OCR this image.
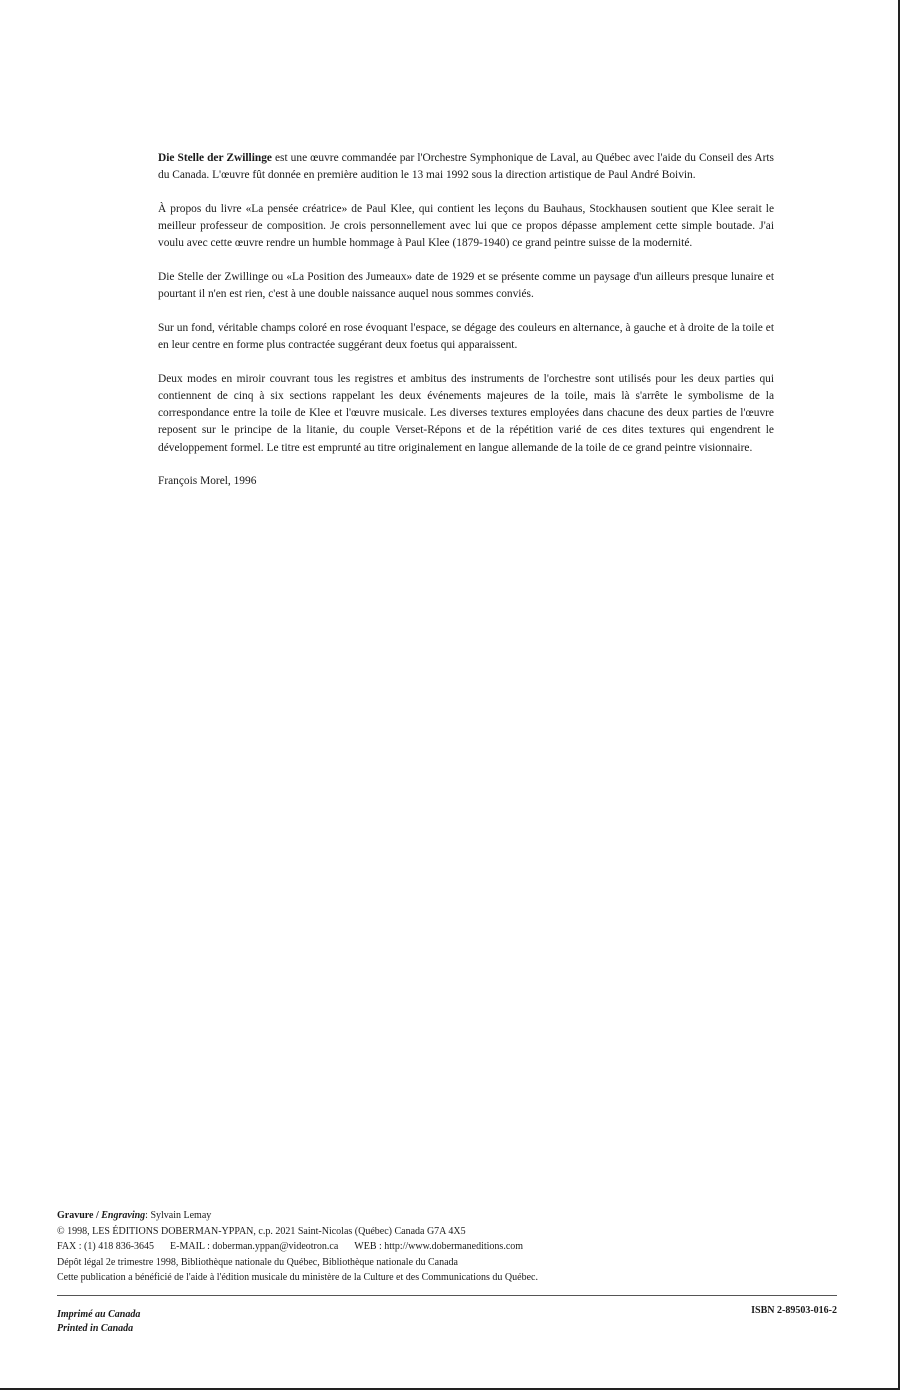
Die Stelle der Zwillinge est une œuvre commandée par l'Orchestre Symphonique de Laval, au Québec avec l'aide du Conseil des Arts du Canada. L'œuvre fût donnée en première audition le 13 mai 1992 sous la direction artistique de Paul André Boivin.

À propos du livre «La pensée créatrice» de Paul Klee, qui contient les leçons du Bauhaus, Stockhausen soutient que Klee serait le meilleur professeur de composition. Je crois personnellement avec lui que ce propos dépasse amplement cette simple boutade. J'ai voulu avec cette œuvre rendre un humble hommage à Paul Klee (1879-1940) ce grand peintre suisse de la modernité.

Die Stelle der Zwillinge ou «La Position des Jumeaux» date de 1929 et se présente comme un paysage d'un ailleurs presque lunaire et pourtant il n'en est rien, c'est à une double naissance auquel nous sommes conviés.

Sur un fond, véritable champs coloré en rose évoquant l'espace, se dégage des couleurs en alternance, à gauche et à droite de la toile et en leur centre en forme plus contractée suggérant deux foetus qui apparaissent.

Deux modes en miroir couvrant tous les registres et ambitus des instruments de l'orchestre sont utilisés pour les deux parties qui contiennent de cinq à six sections rappelant les deux événements majeures de la toile, mais là s'arrête le symbolisme de la correspondance entre la toile de Klee et l'œuvre musicale. Les diverses textures employées dans chacune des deux parties de l'œuvre reposent sur le principe de la litanie, du couple Verset-Répons et de la répétition varié de ces dites textures qui engendrent le développement formel. Le titre est emprunté au titre originalement en langue allemande de la toile de ce grand peintre visionnaire.

François Morel, 1996

Gravure / Engraving: Sylvain Lemay
© 1998, LES ÉDITIONS DOBERMAN-YPPAN, c.p. 2021 Saint-Nicolas (Québec) Canada G7A 4X5
FAX : (1) 418 836-3645 E-MAIL : doberman.yppan@videotron.ca WEB : http://www.dobermaneditions.com
Dépôt légal 2e trimestre 1998, Bibliothèque nationale du Québec, Bibliothèque nationale du Canada
Cette publication a bénéficié de l'aide à l'édition musicale du ministère de la Culture et des Communications du Québec.
Imprimé au Canada
Printed in Canada
ISBN 2-89503-016-2
